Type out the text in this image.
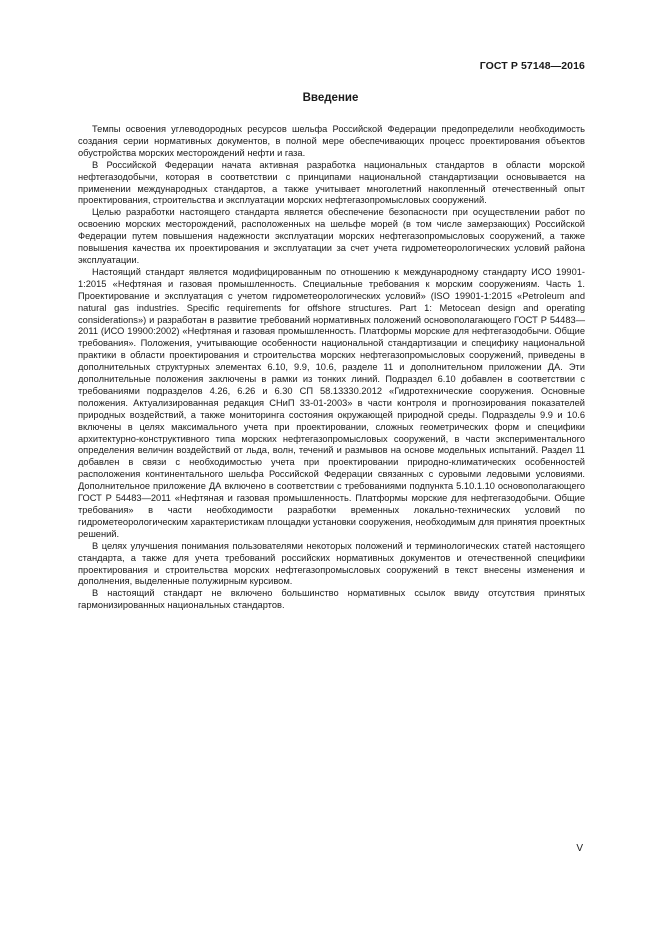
ГОСТ Р 57148—2016
Введение

Темпы освоения углеводородных ресурсов шельфа Российской Федерации предопределили необходимость создания серии нормативных документов, в полной мере обеспечивающих процесс проектирования объектов обустройства морских месторождений нефти и газа.

В Российской Федерации начата активная разработка национальных стандартов в области морской нефтегазодобычи, которая в соответствии с принципами национальной стандартизации основывается на применении международных стандартов, а также учитывает многолетний накопленный отечественный опыт проектирования, строительства и эксплуатации морских нефтегазопромысловых сооружений.

Целью разработки настоящего стандарта является обеспечение безопасности при осуществлении работ по освоению морских месторождений, расположенных на шельфе морей (в том числе замерзающих) Российской Федерации путем повышения надежности эксплуатации морских нефтегазопромысловых сооружений, а также повышения качества их проектирования и эксплуатации за счет учета гидрометеорологических условий района эксплуатации.

Настоящий стандарт является модифицированным по отношению к международному стандарту ИСО 19901-1:2015 «Нефтяная и газовая промышленность. Специальные требования к морским сооружениям. Часть 1. Проектирование и эксплуатация с учетом гидрометеорологических условий» (ISO 19901-1:2015 «Petroleum and natural gas industries. Specific requirements for offshore structures. Part 1: Metocean design and operating considerations») и разработан в развитие требований нормативных положений основополагающего ГОСТ Р 54483—2011 (ИСО 19900:2002) «Нефтяная и газовая промышленность. Платформы морские для нефтегазодобычи. Общие требования». Положения, учитывающие особенности национальной стандартизации и специфику национальной практики в области проектирования и строительства морских нефтегазопромысловых сооружений, приведены в дополнительных структурных элементах 6.10, 9.9, 10.6, разделе 11 и дополнительном приложении ДА. Эти дополнительные положения заключены в рамки из тонких линий. Подраздел 6.10 добавлен в соответствии с требованиями подразделов 4.26, 6.26 и 6.30 СП 58.13330.2012 «Гидротехнические сооружения. Основные положения. Актуализированная редакция СНиП 33-01-2003» в части контроля и прогнозирования показателей природных воздействий, а также мониторинга состояния окружающей природной среды. Подразделы 9.9 и 10.6 включены в целях максимального учета при проектировании, сложных геометрических форм и специфики архитектурно-конструктивного типа морских нефтегазопромысловых сооружений, в части экспериментального определения величин воздействий от льда, волн, течений и размывов на основе модельных испытаний. Раздел 11 добавлен в связи с необходимостью учета при проектировании природно-климатических особенностей расположения континентального шельфа Российской Федерации связанных с суровыми ледовыми условиями. Дополнительное приложение ДА включено в соответствии с требованиями подпункта 5.10.1.10 основополагающего ГОСТ Р 54483—2011 «Нефтяная и газовая промышленность. Платформы морские для нефтегазодобычи. Общие требования» в части необходимости разработки временных локально-технических условий по гидрометеорологическим характеристикам площадки установки сооружения, необходимым для принятия проектных решений.

В целях улучшения понимания пользователями некоторых положений и терминологических статей настоящего стандарта, а также для учета требований российских нормативных документов и отечественной специфики проектирования и строительства морских нефтегазопромысловых сооружений в текст внесены изменения и дополнения, выделенные полужирным курсивом.

В настоящий стандарт не включено большинство нормативных ссылок ввиду отсутствия принятых гармонизированных национальных стандартов.

V
